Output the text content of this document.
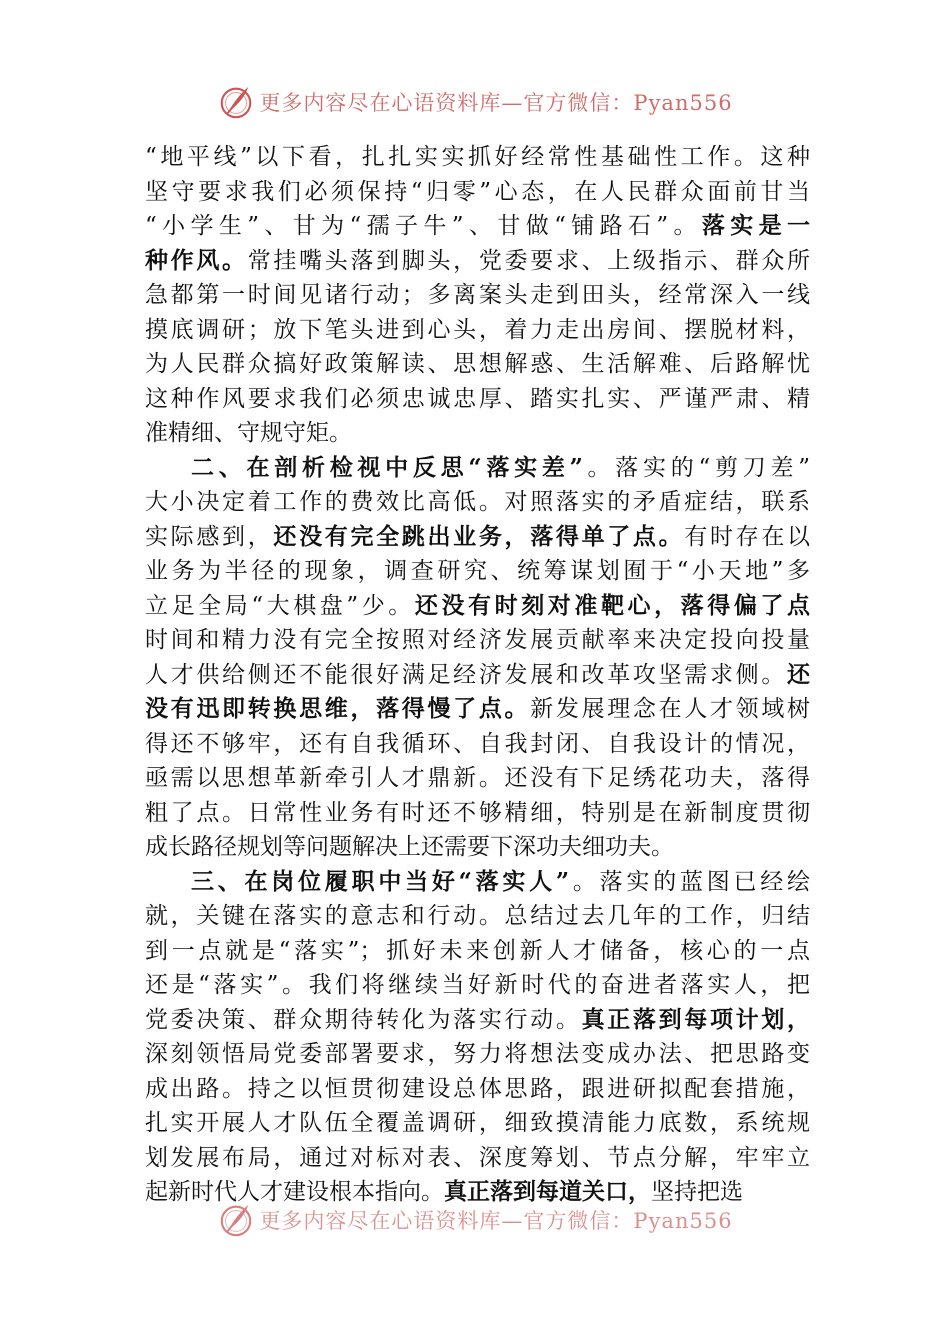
更多内容尽在心语资料库—官方微信：Pyan556
“地平线”以下看，扎扎实实抓好经常性基础性工作。这种
坚守要求我们必须保持“归零”心态，在人民群众面前甘当
“小学生”、甘为“孺子牛”、甘做“铺路石”。落实是一
种作风。常挂嘴头落到脚头，党委要求、上级指示、群众所
急都第一时间见诸行动；多离案头走到田头，经常深入一线
摸底调研；放下笔头进到心头，着力走出房间、摆脱材料，
为人民群众搞好政策解读、思想解惑、生活解难、后路解忧
这种作风要求我们必须忠诚忠厚、踏实扎实、严谨严肃、精
准精细、守规守矩。
二、在剖析检视中反思“落实差”。落实的“剪刀差”
大小决定着工作的费效比高低。对照落实的矛盾症结，联系
实际感到，还没有完全跳出业务，落得单了点。有时存在以
业务为半径的现象，调查研究、统筹谋划囿于“小天地”多
立足全局“大棋盘”少。还没有时刻对准靶心，落得偏了点
时间和精力没有完全按照对经济发展贡献率来决定投向投量
人才供给侧还不能很好满足经济发展和改革攻坚需求侧。还
没有迅即转换思维，落得慢了点。新发展理念在人才领域树
得还不够牢，还有自我循环、自我封闭、自我设计的情况，
亟需以思想革新牵引人才鼎新。还没有下足绣花功夫，落得
粗了点。日常性业务有时还不够精细，特别是在新制度贯彻
成长路径规划等问题解决上还需要下深功夫细功夫。
三、在岗位履职中当好“落实人”。落实的蓝图已经绘
就，关键在落实的意志和行动。总结过去几年的工作，归结
到一点就是“落实”；抓好未来创新人才储备，核心的一点
还是“落实”。我们将继续当好新时代的奋进者落实人，把
党委决策、群众期待转化为落实行动。真正落到每项计划，
深刻领悟局党委部署要求，努力将想法变成办法、把思路变
成出路。持之以恒贯彻建设总体思路，跟进研拟配套措施，
扎实开展人才队伍全覆盖调研，细致摸清能力底数，系统规
划发展布局，通过对标对表、深度筹划、节点分解，牢牢立
起新时代人才建设根本指向。真正落到每道关口，坚持把选
更多内容尽在心语资料库—官方微信：Pyan556
